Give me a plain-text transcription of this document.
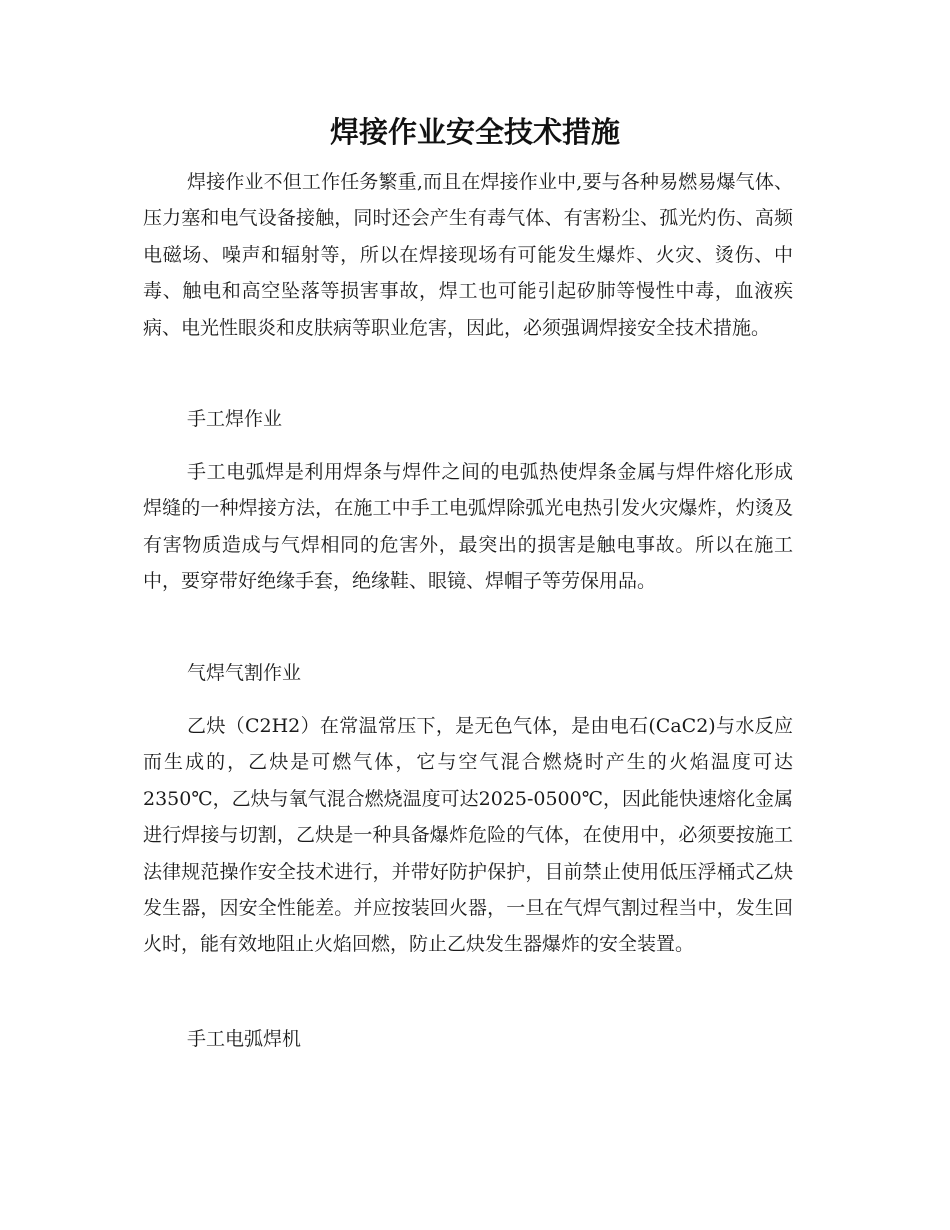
焊接作业安全技术措施

焊接作业不但工作任务繁重,而且在焊接作业中,要与各种易燃易爆气体、压力塞和电气设备接触，同时还会产生有毒气体、有害粉尘、孤光灼伤、高频电磁场、噪声和辐射等，所以在焊接现场有可能发生爆炸、火灾、烫伤、中毒、触电和高空坠落等损害事故，焊工也可能引起矽肺等慢性中毒，血液疾病、电光性眼炎和皮肤病等职业危害，因此，必须强调焊接安全技术措施。

手工焊作业

手工电弧焊是利用焊条与焊件之间的电弧热使焊条金属与焊件熔化形成焊缝的一种焊接方法，在施工中手工电弧焊除弧光电热引发火灾爆炸，灼烫及有害物质造成与气焊相同的危害外，最突出的损害是触电事故。所以在施工中，要穿带好绝缘手套，绝缘鞋、眼镜、焊帽子等劳保用品。

气焊气割作业

乙炔（C2H2）在常温常压下，是无色气体，是由电石(CaC2)与水反应而生成的，乙炔是可燃气体，它与空气混合燃烧时产生的火焰温度可达2350℃，乙炔与氧气混合燃烧温度可达2025-0500℃，因此能快速熔化金属进行焊接与切割，乙炔是一种具备爆炸危险的气体，在使用中，必须要按施工法律规范操作安全技术进行，并带好防护保护，目前禁止使用低压浮桶式乙炔发生器，因安全性能差。并应按装回火器，一旦在气焊气割过程当中，发生回火时，能有效地阻止火焰回燃，防止乙炔发生器爆炸的安全装置。

手工电弧焊机
